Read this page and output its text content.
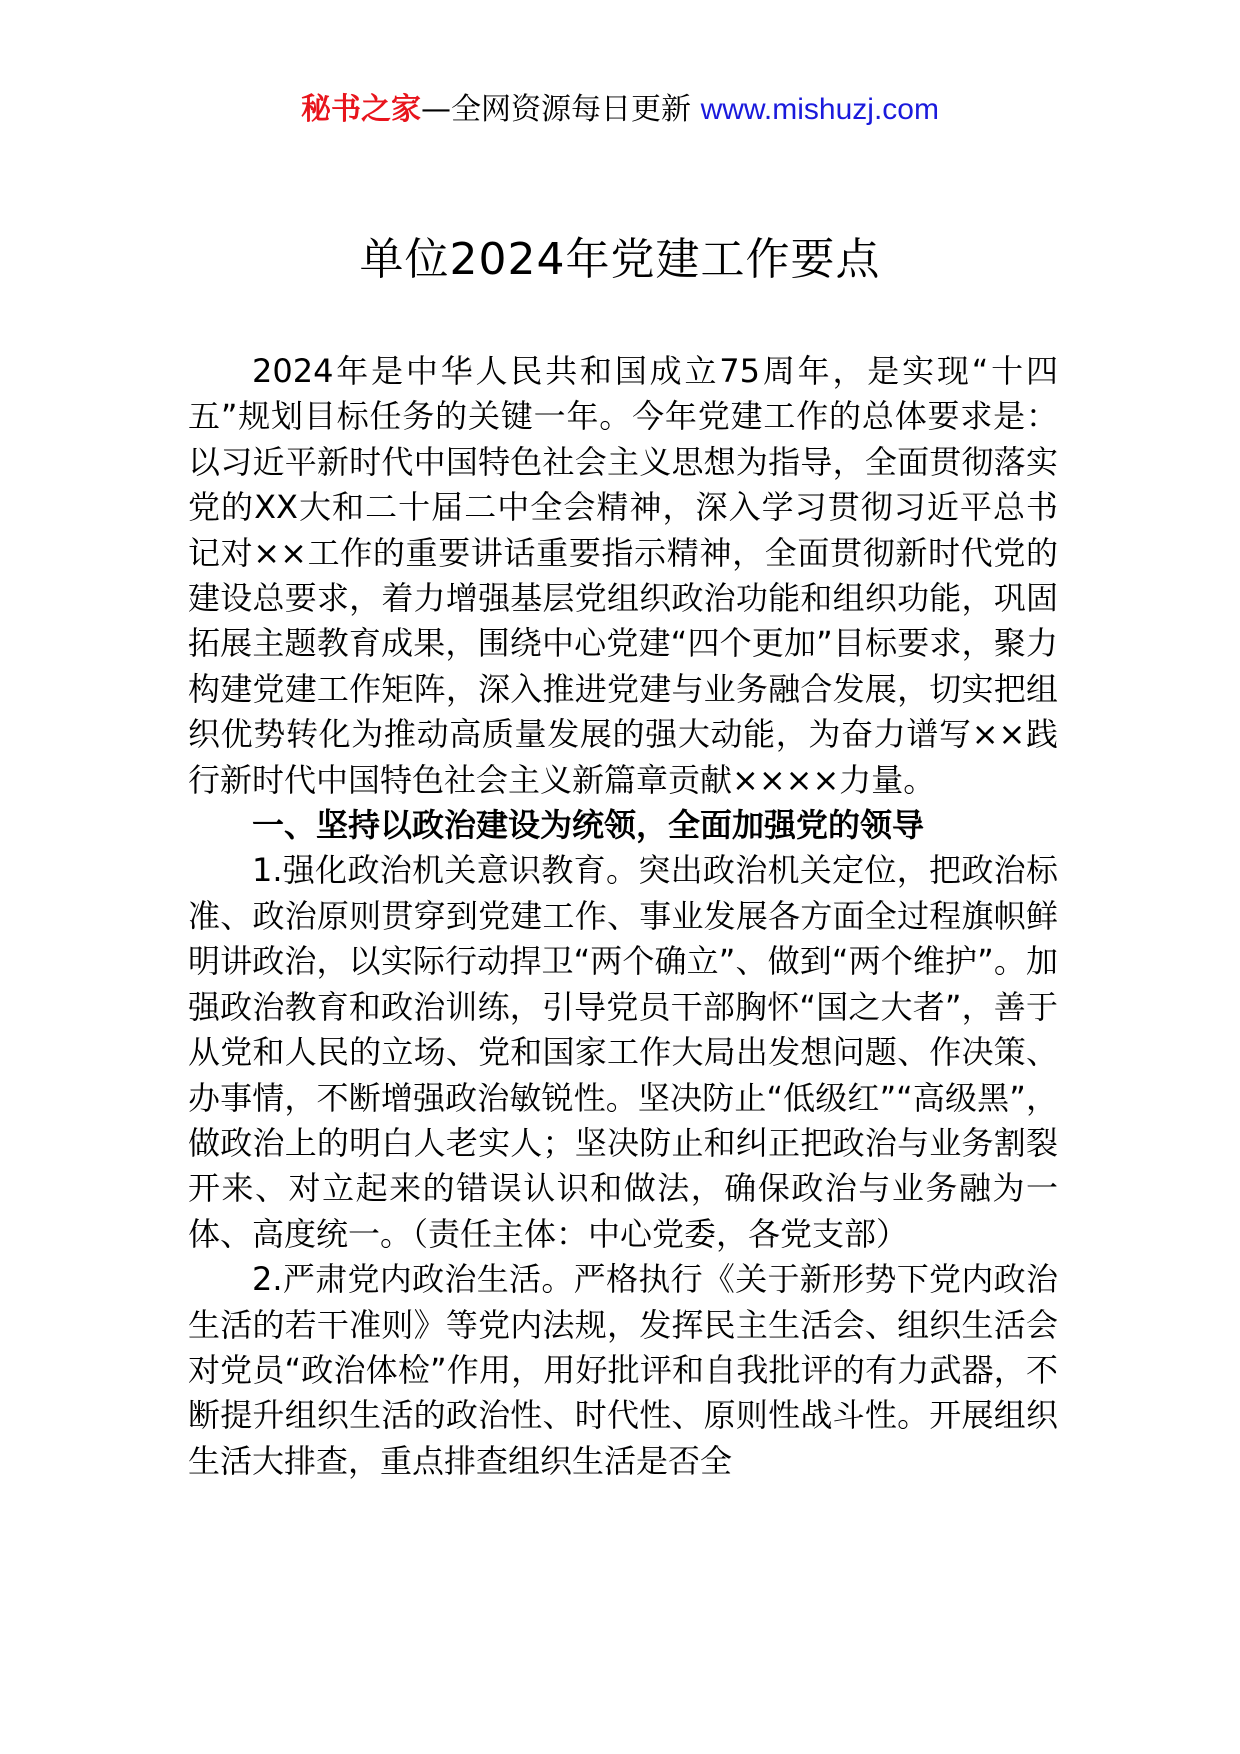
秘书之家—全网资源每日更新 www.mishuzj.com
单位2024年党建工作要点

2024年是中华人民共和国成立75周年，是实现“十四五”规划目标任务的关键一年。今年党建工作的总体要求是：以习近平新时代中国特色社会主义思想为指导，全面贯彻落实党的XX大和二十届二中全会精神，深入学习贯彻习近平总书记对××工作的重要讲话重要指示精神，全面贯彻新时代党的建设总要求，着力增强基层党组织政治功能和组织功能，巩固拓展主题教育成果，围绕中心党建“四个更加”目标要求，聚力构建党建工作矩阵，深入推进党建与业务融合发展，切实把组织优势转化为推动高质量发展的强大动能，为奋力谱写××践行新时代中国特色社会主义新篇章贡献××××力量。

一、坚持以政治建设为统领，全面加强党的领导

1.强化政治机关意识教育。突出政治机关定位，把政治标准、政治原则贯穿到党建工作、事业发展各方面全过程旗帜鲜明讲政治，以实际行动捍卫“两个确立”、做到“两个维护”。加强政治教育和政治训练，引导党员干部胸怀“国之大者”，善于从党和人民的立场、党和国家工作大局出发想问题、作决策、办事情，不断增强政治敏锐性。坚决防止“低级红”“高级黑”，做政治上的明白人老实人；坚决防止和纠正把政治与业务割裂开来、对立起来的错误认识和做法，确保政治与业务融为一体、高度统一。（责任主体：中心党委，各党支部）

2.严肃党内政治生活。严格执行《关于新形势下党内政治生活的若干准则》等党内法规，发挥民主生活会、组织生活会对党员“政治体检”作用，用好批评和自我批评的有力武器，不断提升组织生活的政治性、时代性、原则性战斗性。开展组织生活大排查，重点排查组织生活是否全
